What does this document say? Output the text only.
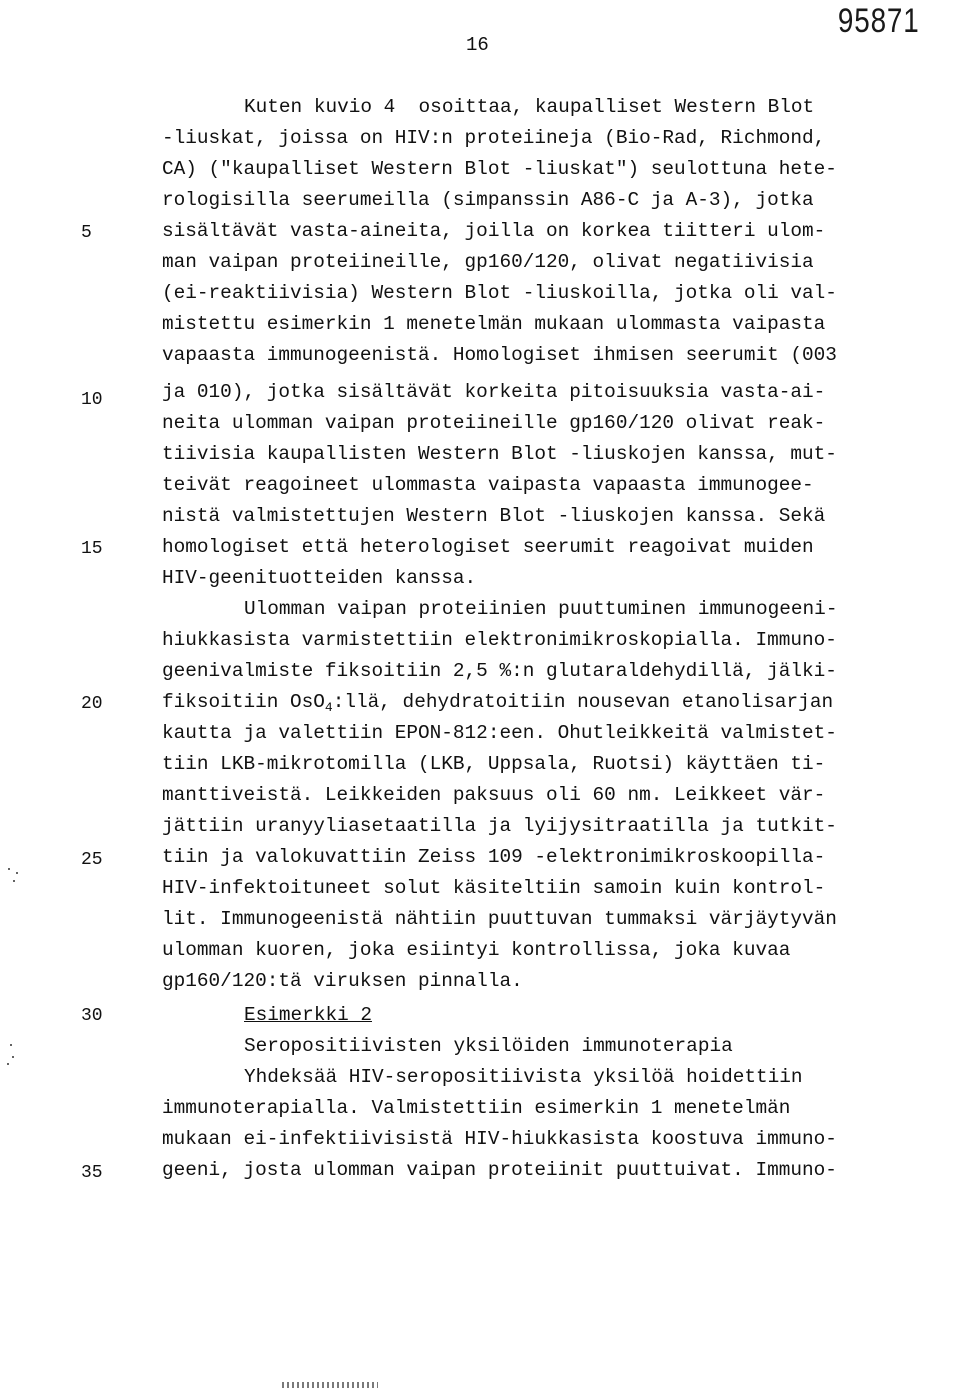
95871
16
5
10
15
20
25
30
35
Kuten kuvio 4  osoittaa, kaupalliset Western Blot
-liuskat, joissa on HIV:n proteiineja (Bio-Rad, Richmond,
CA) ("kaupalliset Western Blot -liuskat") seulottuna hete-
rologisilla seerumeilla (simpanssin A86-C ja A-3), jotka
sisältävät vasta-aineita, joilla on korkea tiitteri ulom-
man vaipan proteiineille, gp160/120, olivat negatiivisia
(ei-reaktiivisia) Western Blot -liuskoilla, jotka oli val-
mistettu esimerkin 1 menetelmän mukaan ulommasta vaipasta
vapaasta immunogeenistä. Homologiset ihmisen seerumit (003
ja 010), jotka sisältävät korkeita pitoisuuksia vasta-ai-
neita ulomman vaipan proteiineille gp160/120 olivat reak-
tiivisia kaupallisten Western Blot -liuskojen kanssa, mut-
teivät reagoineet ulommasta vaipasta vapaasta immunogee-
nistä valmistettujen Western Blot -liuskojen kanssa. Sekä
homologiset että heterologiset seerumit reagoivat muiden
HIV-geenituotteiden kanssa.
Ulomman vaipan proteiinien puuttuminen immunogeeni-
hiukkasista varmistettiin elektronimikroskopialla. Immuno-
geenivalmiste fiksoitiin 2,5 %:n glutaraldehydillä, jälki-
fiksoitiin OsO$_4$:llä, dehydratoitiin nousevan etanolisarjan
kautta ja valettiin EPON-812:een. Ohutleikkeitä valmistet-
tiin LKB-mikrotomilla (LKB, Uppsala, Ruotsi) käyttäen ti-
manttiveistä. Leikkeiden paksuus oli 60 nm. Leikkeet vär-
jättiin uranyyliasetaatilla ja lyijysitraatilla ja tutkit-
tiin ja valokuvattiin Zeiss 109 -elektronimikroskoopilla-
HIV-infektoituneet solut käsiteltiin samoin kuin kontrol-
lit. Immunogeenistä nähtiin puuttuvan tummaksi värjäytyvän
ulomman kuoren, joka esiintyi kontrollissa, joka kuvaa
gp160/120:tä viruksen pinnalla.
Esimerkki 2
Seropositiivisten yksilöiden immunoterapia
Yhdeksää HIV-seropositiivista yksilöä hoidettiin
immunoterapialla. Valmistettiin esimerkin 1 menetelmän
mukaan ei-infektiivisistä HIV-hiukkasista koostuva immuno-
geeni, josta ulomman vaipan proteiinit puuttuivat. Immuno-
